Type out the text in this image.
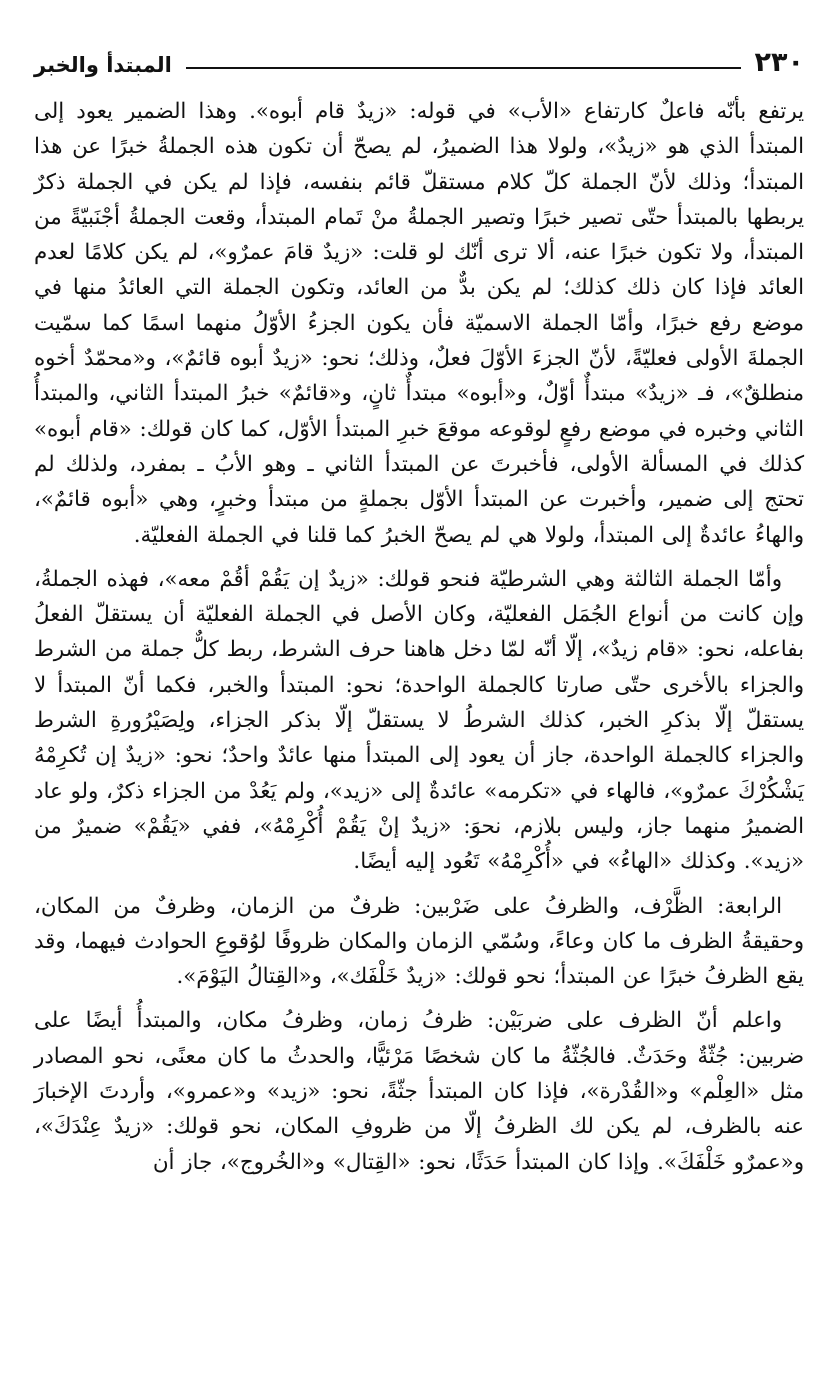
٢٣٠
المبتدأ والخبر

يرتفع بأنّه فاعلٌ كارتفاع «الأب» في قوله: «زيدٌ قام أبوه». وهذا الضمير يعود إلى المبتدأ الذي هو «زيدٌ»، ولولا هذا الضميرُ، لم يصحّ أن تكون هذه الجملةُ خبرًا عن هذا المبتدأ؛ وذلك لأنّ الجملة كلّ كلام مستقلّ قائم بنفسه، فإذا لم يكن في الجملة ذكرٌ يربطها بالمبتدأ حتّى تصير خبرًا وتصير الجملةُ منْ تَمام المبتدأ، وقعت الجملةُ أجْنَبيّةً من المبتدأ، ولا تكون خبرًا عنه، ألا ترى أنّك لو قلت: «زيدٌ قامَ عمرٌو»، لم يكن كلامًا لعدم العائد فإذا كان ذلك كذلك؛ لم يكن بدٌّ من العائد، وتكون الجملة التي العائدُ منها في موضع رفع خبرًا، وأمّا الجملة الاسميّة فأن يكون الجزءُ الأوّلُ منهما اسمًا كما سمّيت الجملةَ الأولى فعليّةً، لأنّ الجزءَ الأوّلَ فعلٌ، وذلك؛ نحو: «زيدٌ أبوه قائمٌ»، و«محمّدٌ أخوه منطلقٌ»، فـ «زيدٌ» مبتدأٌ أوّلٌ، و«أبوه» مبتدأٌ ثانٍ، و«قائمٌ» خبرُ المبتدأ الثاني، والمبتدأُ الثاني وخبره في موضع رفعٍ لوقوعه موقعَ خبرِ المبتدأ الأوّل، كما كان قولك: «قام أبوه» كذلك في المسألة الأولى، فأخبرتَ عن المبتدأ الثاني ـ وهو الأبُ ـ بمفرد، ولذلك لم تحتج إلى ضمير، وأخبرت عن المبتدأ الأوّل بجملةٍ من مبتدأ وخبرٍ، وهي «أبوه قائمٌ»، والهاءُ عائدةٌ إلى المبتدأ، ولولا هي لم يصحّ الخبرُ كما قلنا في الجملة الفعليّة.

وأمّا الجملة الثالثة وهي الشرطيّة فنحو قولك: «زيدٌ إن يَقُمْ أقُمْ معه»، فهذه الجملةُ، وإن كانت من أنواع الجُمَل الفعليّة، وكان الأصل في الجملة الفعليّة أن يستقلّ الفعلُ بفاعله، نحو: «قام زيدٌ»، إلّا أنّه لمّا دخل هاهنا حرف الشرط، ربط كلٌّ جملة من الشرط والجزاء بالأخرى حتّى صارتا كالجملة الواحدة؛ نحو: المبتدأ والخبر، فكما أنّ المبتدأ لا يستقلّ إلّا بذكرِ الخبر، كذلك الشرطُ لا يستقلّ إلّا بذكر الجزاء، ولِصَيْرُورةِ الشرط والجزاء كالجملة الواحدة، جاز أن يعود إلى المبتدأ منها عائدٌ واحدٌ؛ نحو: «زيدٌ إن تُكرِمْهُ يَشْكُرْكَ عمرٌو»، فالهاء في «تكرمه» عائدةٌ إلى «زيد»، ولم يَعُدْ من الجزاء ذكرٌ، ولو عاد الضميرُ منهما جاز، وليس بلازم، نحوَ: «زيدٌ إنْ يَقُمْ أُكْرِمْهُ»، ففي «يَقُمْ» ضميرٌ من «زيد». وكذلك «الهاءُ» في «أُكْرِمْهُ» تَعُود إليه أيضًا.

الرابعة: الظَّرْف، والظرفُ على ضَرْبين: ظرفٌ من الزمان، وظرفٌ من المكان، وحقيقةُ الظرف ما كان وعاءً، وسُمّي الزمان والمكان ظروفًا لوُقوعِ الحوادث فيهما، وقد يقع الظرفُ خبرًا عن المبتدأ؛ نحو قولك: «زيدٌ خَلْفَك»، و«القِتالُ اليَوْمَ».

واعلم أنّ الظرف على ضربَيْن: ظرفُ زمان، وظرفُ مكان، والمبتدأُ أيضًا على ضربين: جُثّةٌ وحَدَثٌ. فالجُثّةُ ما كان شخصًا مَرْئيًّا، والحدثُ ما كان معنًى، نحو المصادر مثل «العِلْم» و«القُدْرة»، فإذا كان المبتدأ جثّةً، نحو: «زيد» و«عمرو»، وأردتَ الإخبارَ عنه بالظرف، لم يكن لك الظرفُ إلّا من ظروفِ المكان، نحو قولك: «زيدٌ عِنْدَكَ»، و«عمرٌو خَلْفَكَ». وإذا كان المبتدأ حَدَثًا، نحو: «القِتال» و«الخُروج»، جاز أن
